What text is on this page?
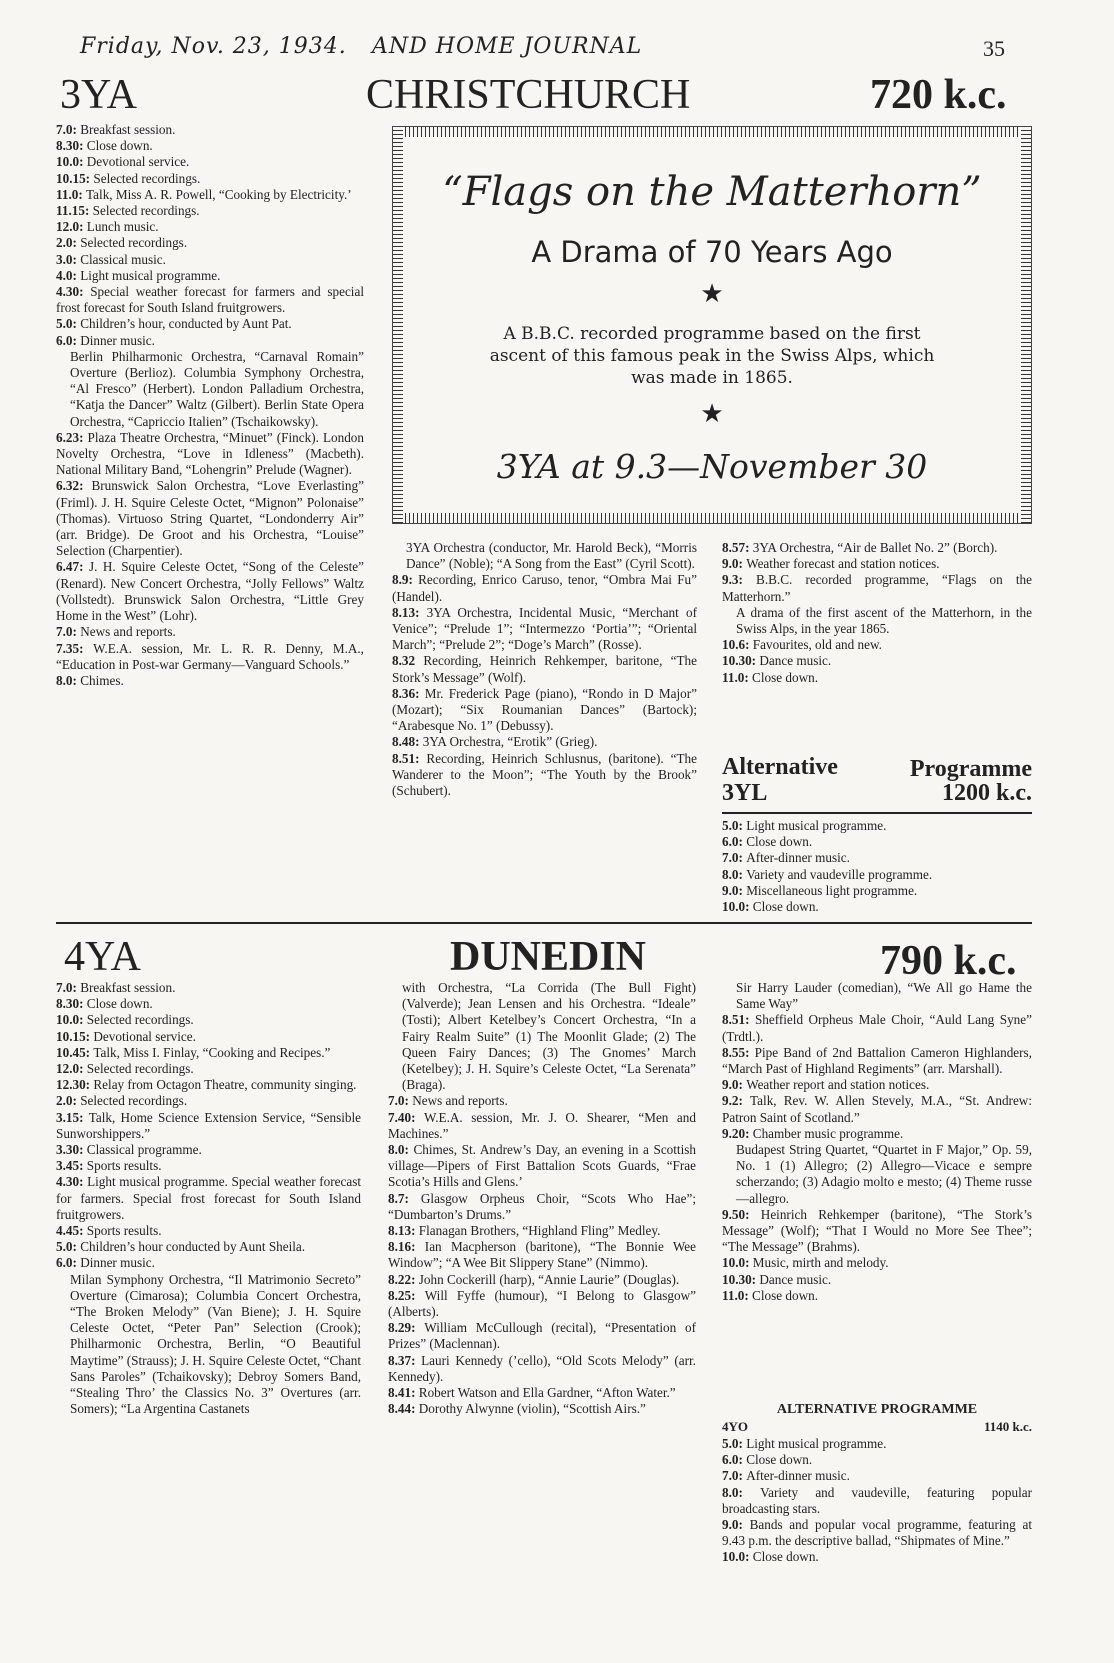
Friday, Nov. 23, 1934. AND HOME JOURNAL	35
3YA	CHRISTCHURCH	720 k.c.
“Flags on the Matterhorn”
A Drama of 70 Years Ago
★
A B.B.C. recorded programme based on the first ascent of this famous peak in the Swiss Alps, which was made in 1865.
★
3YA at 9.3—November 30

7.0: Breakfast session.

8.30: Close down.

10.0: Devotional service.

10.15: Selected recordings.

11.0: Talk, Miss A. R. Powell, “Cooking by Electricity.’

11.15: Selected recordings.

12.0: Lunch music.

2.0: Selected recordings.

3.0: Classical music.

4.0: Light musical programme.

4.30: Special weather forecast for farmers and special frost forecast for South Island fruitgrowers.

5.0: Children’s hour, conducted by Aunt Pat.

6.0: Dinner music.

Berlin Philharmonic Orchestra, “Carnaval Romain” Overture (Berlioz). Columbia Symphony Orchestra, “Al Fresco” (Herbert). London Palladium Orchestra, “Katja the Dancer” Waltz (Gilbert). Berlin State Opera Orchestra, “Capriccio Italien” (Tschaikowsky).

6.23: Plaza Theatre Orchestra, “Minuet” (Finck). London Novelty Orchestra, “Love in Idleness” (Macbeth). National Military Band, “Lohengrin” Prelude (Wagner).

6.32: Brunswick Salon Orchestra, “Love Everlasting” (Friml). J. H. Squire Celeste Octet, “Mignon” Polonaise” (Thomas). Virtuoso String Quartet, “Londonderry Air” (arr. Bridge). De Groot and his Orchestra, “Louise” Selection (Charpentier).

6.47: J. H. Squire Celeste Octet, “Song of the Celeste” (Renard). New Concert Orchestra, “Jolly Fellows” Waltz (Vollstedt). Brunswick Salon Orchestra, “Little Grey Home in the West” (Lohr).

7.0: News and reports.

7.35: W.E.A. session, Mr. L. R. R. Denny, M.A., “Education in Post-war Germany—Vanguard Schools.”

8.0: Chimes.

3YA Orchestra (conductor, Mr. Harold Beck), “Morris Dance” (Noble); “A Song from the East” (Cyril Scott).

8.9: Recording, Enrico Caruso, tenor, “Ombra Mai Fu” (Handel).

8.13: 3YA Orchestra, Incidental Music, “Merchant of Venice”; “Prelude 1”; “Intermezzo ‘Portia’”; “Oriental March”; “Prelude 2”; “Doge’s March” (Rosse).

8.32 Recording, Heinrich Rehkemper, baritone, “The Stork’s Message” (Wolf).

8.36: Mr. Frederick Page (piano), “Rondo in D Major” (Mozart); “Six Roumanian Dances” (Bartock); “Arabesque No. 1” (Debussy).

8.48: 3YA Orchestra, “Erotik” (Grieg).

8.51: Recording, Heinrich Schlusnus, (baritone). “The Wanderer to the Moon”; “The Youth by the Brook” (Schubert).

8.57: 3YA Orchestra, “Air de Ballet No. 2” (Borch).

9.0: Weather forecast and station notices.

9.3: B.B.C. recorded programme, “Flags on the Matterhorn.”

A drama of the first ascent of the Matterhorn, in the Swiss Alps, in the year 1865.

10.6: Favourites, old and new.

10.30: Dance music.

11.0: Close down.

Alternative	Programme
3YL	1200 k.c.

5.0: Light musical programme.

6.0: Close down.

7.0: After-dinner music.

8.0: Variety and vaudeville programme.

9.0: Miscellaneous light programme.

10.0: Close down.

4YA	DUNEDIN	790 k.c.

7.0: Breakfast session.

8.30: Close down.

10.0: Selected recordings.

10.15: Devotional service.

10.45: Talk, Miss I. Finlay, “Cooking and Recipes.”

12.0: Selected recordings.

12.30: Relay from Octagon Theatre, community singing.

2.0: Selected recordings.

3.15: Talk, Home Science Extension Service, “Sensible Sunworshippers.”

3.30: Classical programme.

3.45: Sports results.

4.30: Light musical programme. Special weather forecast for farmers. Special frost forecast for South Island fruitgrowers.

4.45: Sports results.

5.0: Children’s hour conducted by Aunt Sheila.

6.0: Dinner music.

Milan Symphony Orchestra, “Il Matrimonio Secreto” Overture (Cimarosa); Columbia Concert Orchestra, “The Broken Melody” (Van Biene); J. H. Squire Celeste Octet, “Peter Pan” Selection (Crook); Philharmonic Orchestra, Berlin, “O Beautiful Maytime” (Strauss); J. H. Squire Celeste Octet, “Chant Sans Paroles” (Tchaikovsky); Debroy Somers Band, “Stealing Thro’ the Classics No. 3” Overtures (arr. Somers); “La Argentina Castanets

with Orchestra, “La Corrida (The Bull Fight) (Valverde); Jean Lensen and his Orchestra. “Ideale” (Tosti); Albert Ketelbey’s Concert Orchestra, “In a Fairy Realm Suite” (1) The Moonlit Glade; (2) The Queen Fairy Dances; (3) The Gnomes’ March (Ketelbey); J. H. Squire’s Celeste Octet, “La Serenata” (Braga).

7.0: News and reports.

7.40: W.E.A. session, Mr. J. O. Shearer, “Men and Machines.”

8.0: Chimes, St. Andrew’s Day, an evening in a Scottish village—Pipers of First Battalion Scots Guards, “Frae Scotia’s Hills and Glens.’

8.7: Glasgow Orpheus Choir, “Scots Who Hae”; “Dumbarton’s Drums.”

8.13: Flanagan Brothers, “Highland Fling” Medley.

8.16: Ian Macpherson (baritone), “The Bonnie Wee Window”; “A Wee Bit Slippery Stane” (Nimmo).

8.22: John Cockerill (harp), “Annie Laurie” (Douglas).

8.25: Will Fyffe (humour), “I Belong to Glasgow” (Alberts).

8.29: William McCullough (recital), “Presentation of Prizes” (Maclennan).

8.37: Lauri Kennedy (’cello), “Old Scots Melody” (arr. Kennedy).

8.41: Robert Watson and Ella Gardner, “Afton Water.”

8.44: Dorothy Alwynne (violin), “Scottish Airs.”

Sir Harry Lauder (comedian), “We All go Hame the Same Way”

8.51: Sheffield Orpheus Male Choir, “Auld Lang Syne” (Trdtl.).

8.55: Pipe Band of 2nd Battalion Cameron Highlanders, “March Past of Highland Regiments” (arr. Marshall).

9.0: Weather report and station notices.

9.2: Talk, Rev. W. Allen Stevely, M.A., “St. Andrew: Patron Saint of Scotland.”

9.20: Chamber music programme.

Budapest String Quartet, “Quartet in F Major,” Op. 59, No. 1 (1) Allegro; (2) Allegro—Vicace e sempre scherzando; (3) Adagio molto e mesto; (4) Theme russe—allegro.

9.50: Heinrich Rehkemper (baritone), “The Stork’s Message” (Wolf); “That I Would no More See Thee”; “The Message” (Brahms).

10.0: Music, mirth and melody.

10.30: Dance music.

11.0: Close down.

ALTERNATIVE PROGRAMME
4YO	1140 k.c.

5.0: Light musical programme.

6.0: Close down.

7.0: After-dinner music.

8.0: Variety and vaudeville, featuring popular broadcasting stars.

9.0: Bands and popular vocal programme, featuring at 9.43 p.m. the descriptive ballad, “Shipmates of Mine.”

10.0: Close down.
